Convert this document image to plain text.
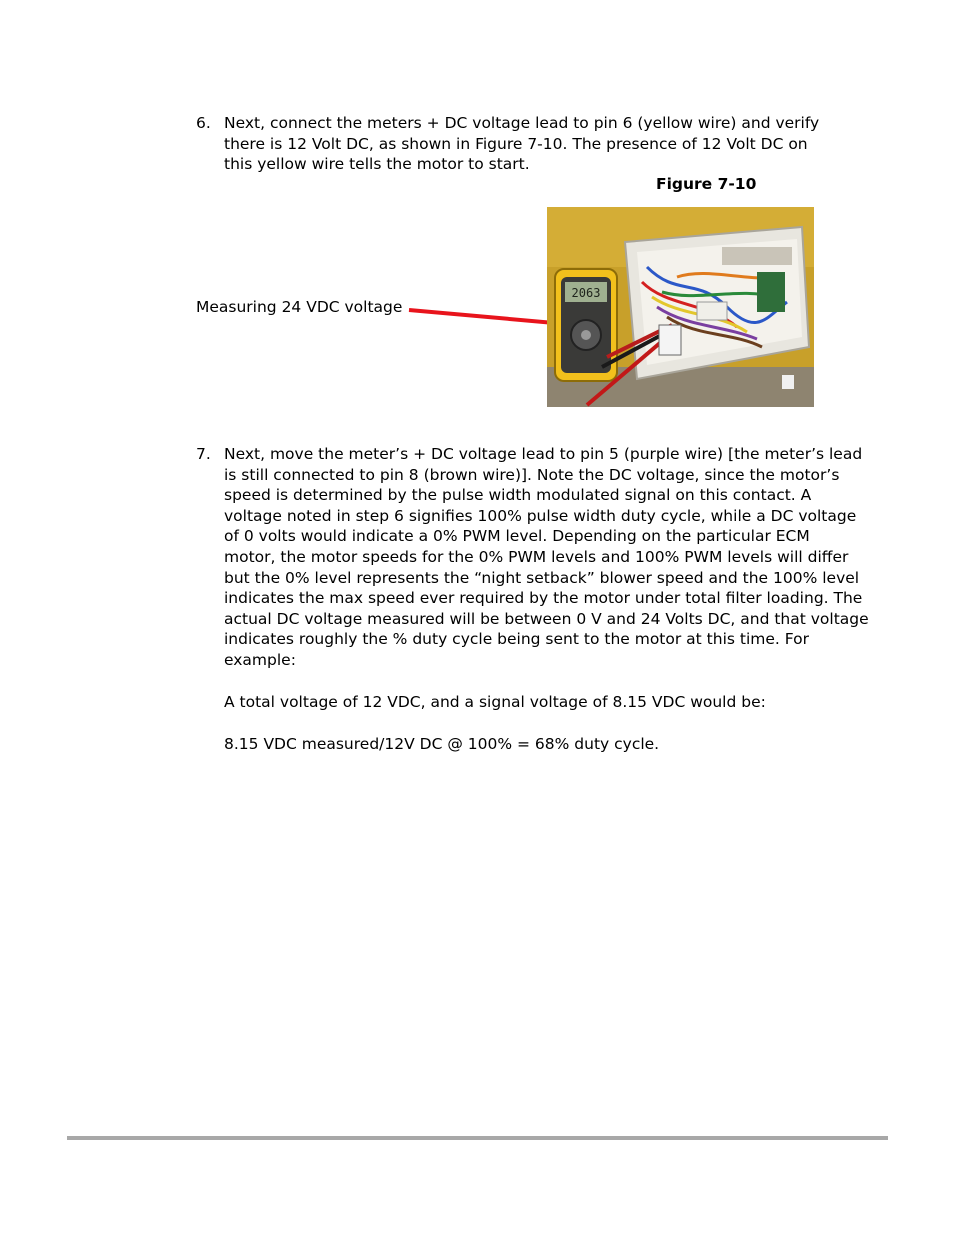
6. Next, connect the meters + DC voltage lead to pin 6 (yellow wire) and verify
there is 12 Volt DC, as shown in Figure 7-10. The presence of 12 Volt DC on
this yellow wire tells the motor to start.
Figure 7-10
Measuring 24 VDC voltage
2063
7. Next, move the meter’s + DC voltage lead to pin 5 (purple wire) [the meter’s lead
is still connected to pin 8 (brown wire)]. Note the DC voltage, since the motor’s
speed is determined by the pulse width modulated signal on this contact. A
voltage noted in step 6 signifies 100% pulse width duty cycle, while a DC voltage
of 0 volts would indicate a 0% PWM level. Depending on the particular ECM
motor, the motor speeds for the 0% PWM levels and 100% PWM levels will differ
but the 0% level represents the “night setback” blower speed and the 100% level
indicates the max speed ever required by the motor under total filter loading. The
actual DC voltage measured will be between 0 V and 24 Volts DC, and that voltage
indicates roughly the % duty cycle being sent to the motor at this time. For
example:
A total voltage of 12 VDC, and a signal voltage of 8.15 VDC would be:
8.15 VDC measured/12V DC @ 100% = 68% duty cycle.
